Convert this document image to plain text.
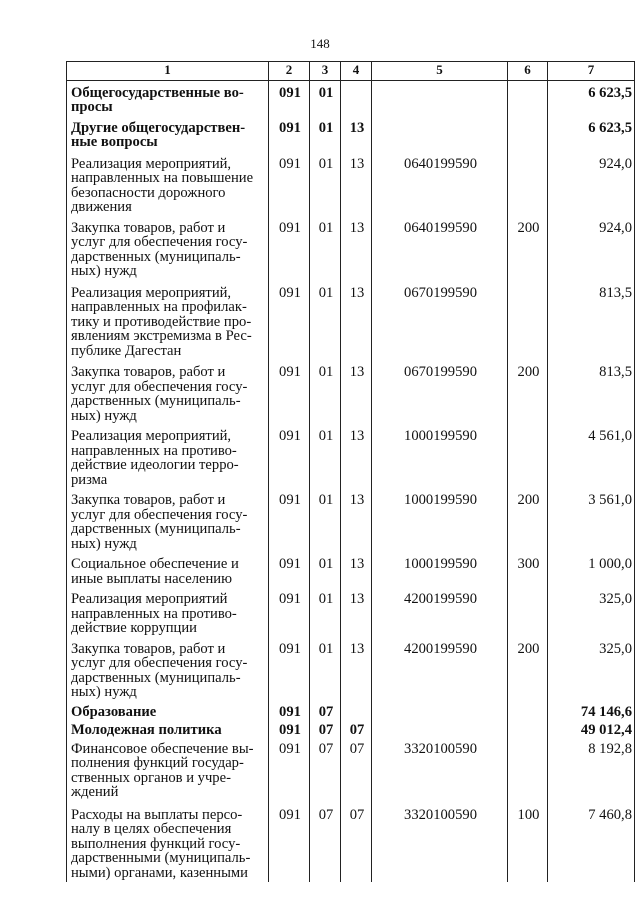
148
1	2	3	4	5	6	7
Общегосударственные во-
просы	091	01				6 623,5
Другие общегосударствен-
ные вопросы	091	01	13			6 623,5
Реализация мероприятий,
направленных на повышение
безопасности дорожного
движения	091	01	13	0640199590		924,0
Закупка товаров, работ и
услуг для обеспечения госу-
дарственных (муниципаль-
ных) нужд	091	01	13	0640199590	200	924,0
Реализация мероприятий,
направленных на профилак-
тику и противодействие про-
явлениям экстремизма в Рес-
публике Дагестан	091	01	13	0670199590		813,5
Закупка товаров, работ и
услуг для обеспечения госу-
дарственных (муниципаль-
ных) нужд	091	01	13	0670199590	200	813,5
Реализация мероприятий,
направленных на противо-
действие идеологии терро-
ризма	091	01	13	1000199590		4 561,0
Закупка товаров, работ и
услуг для обеспечения госу-
дарственных (муниципаль-
ных) нужд	091	01	13	1000199590	200	3 561,0
Социальное обеспечение и
иные выплаты населению	091	01	13	1000199590	300	1 000,0
Реализация мероприятий
направленных на противо-
действие коррупции	091	01	13	4200199590		325,0
Закупка товаров, работ и
услуг для обеспечения госу-
дарственных (муниципаль-
ных) нужд	091	01	13	4200199590	200	325,0
Образование	091	07				74 146,6
Молодежная политика	091	07	07			49 012,4
Финансовое обеспечение вы-
полнения функций государ-
ственных органов и учре-
ждений	091	07	07	3320100590		8 192,8
Расходы на выплаты персо-
налу в целях обеспечения
выполнения функций госу-
дарственными (муниципаль-
ными) органами, казенными	091	07	07	3320100590	100	7 460,8
